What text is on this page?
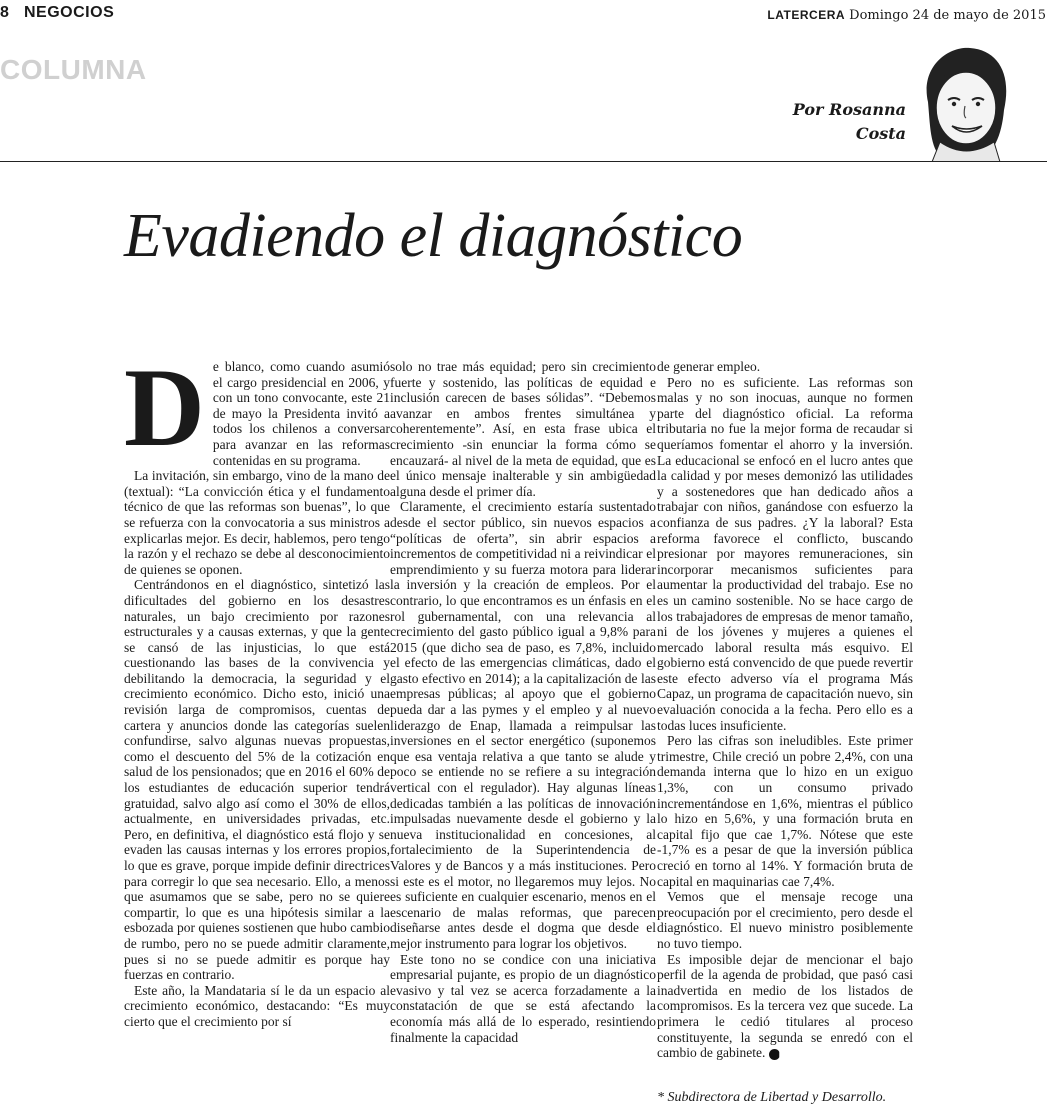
8 NEGOCIOS	LATERCERA Domingo 24 de mayo de 2015
COLUMNA
Por Rosanna
Costa
Evadiendo el diagnóstico
D e blanco, como cuando asumió el cargo presidencial en 2006, y con un tono convocante, este 21 de mayo la Presidenta invitó a todos los chilenos a conversar para avanzar en las reformas contenidas en su programa.

La invitación, sin embargo, vino de la mano de (textual): “La convicción ética y el fundamento técnico de que las reformas son buenas”, lo que se refuerza con la convocatoria a sus ministros a explicarlas mejor. Es decir, hablemos, pero tengo la razón y el rechazo se debe al desconocimiento de quienes se oponen.

Centrándonos en el diagnóstico, sintetizó las dificultades del gobierno en los desastres naturales, un bajo crecimiento por razones estructurales y a causas externas, y que la gente se cansó de las injusticias, lo que está cuestionando las bases de la convivencia y debilitando la democracia, la seguridad y el crecimiento económico. Dicho esto, inició una revisión larga de compromisos, cuentas de cartera y anuncios donde las categorías suelen confundirse, salvo algunas nuevas propuestas, como el descuento del 5% de la cotización en salud de los pensionados; que en 2016 el 60% de los estudiantes de educación superior tendrá gratuidad, salvo algo así como el 30% de ellos, actualmente, en universidades privadas, etc. Pero, en definitiva, el diagnóstico está flojo y se evaden las causas internas y los errores propios, lo que es grave, porque impide definir directrices para corregir lo que sea necesario. Ello, a menos que asumamos que se sabe, pero no se quiere compartir, lo que es una hipótesis similar a la esbozada por quienes sostienen que hubo cambio de rumbo, pero no se puede admitir claramente, pues si no se puede admitir es porque hay fuerzas en contrario.

Este año, la Mandataria sí le da un espacio al crecimiento económico, destacando: “Es muy cierto que el crecimiento por sí

solo no trae más equidad; pero sin crecimiento fuerte y sostenido, las políticas de equidad e inclusión carecen de bases sólidas”. “Debemos avanzar en ambos frentes simultánea y coherentemente”. Así, en esta frase ubica el crecimiento -sin enunciar la forma cómo se encauzará- al nivel de la meta de equidad, que es el único mensaje inalterable y sin ambigüedad alguna desde el primer día.

Claramente, el crecimiento estaría sustentado desde el sector público, sin nuevos espacios a “políticas de oferta”, sin abrir espacios a incrementos de competitividad ni a reivindicar el emprendimiento y su fuerza motora para liderar la inversión y la creación de empleos. Por el contrario, lo que encontramos es un énfasis en el rol gubernamental, con una relevancia al crecimiento del gasto público igual a 9,8% para 2015 (que dicho sea de paso, es 7,8%, incluido el efecto de las emergencias climáticas, dado el gasto efectivo en 2014); a la capitalización de las empresas públicas; al apoyo que el gobierno pueda dar a las pymes y el empleo y al nuevo liderazgo de Enap, llamada a reimpulsar las inversiones en el sector energético (suponemos que esa ventaja relativa a que tanto se alude y poco se entiende no se refiere a su integración vertical con el regulador). Hay algunas líneas dedicadas también a las políticas de innovación impulsadas nuevamente desde el gobierno y la nueva institucionalidad en concesiones, al fortalecimiento de la Superintendencia de Valores y de Bancos y a más instituciones. Pero si este es el motor, no llegaremos muy lejos. No es suficiente en cualquier escenario, menos en el escenario de malas reformas, que parecen diseñarse antes desde el dogma que desde el mejor instrumento para lograr los objetivos.

Este tono no se condice con una iniciativa empresarial pujante, es propio de un diagnóstico evasivo y tal vez se acerca forzadamente a la constatación de que se está afectando la economía más allá de lo esperado, resintiendo finalmente la capacidad

de generar empleo.

Pero no es suficiente. Las reformas son malas y no son inocuas, aunque no formen parte del diagnóstico oficial. La reforma tributaria no fue la mejor forma de recaudar si queríamos fomentar el ahorro y la inversión. La educacional se enfocó en el lucro antes que la calidad y por meses demonizó las utilidades y a sostenedores que han dedicado años a trabajar con niños, ganándose con esfuerzo la confianza de sus padres. ¿Y la laboral? Esta reforma favorece el conflicto, buscando presionar por mayores remuneraciones, sin incorporar mecanismos suficientes para aumentar la productividad del trabajo. Ese no es un camino sostenible. No se hace cargo de los trabajadores de empresas de menor tamaño, ni de los jóvenes y mujeres a quienes el mercado laboral resulta más esquivo. El gobierno está convencido de que puede revertir este efecto adverso vía el programa Más Capaz, un programa de capacitación nuevo, sin evaluación conocida a la fecha. Pero ello es a todas luces insuficiente.

Pero las cifras son ineludibles. Este primer trimestre, Chile creció un pobre 2,4%, con una demanda interna que lo hizo en un exiguo 1,3%, con un consumo privado incrementándose en 1,6%, mientras el público lo hizo en 5,6%, y una formación bruta en capital fijo que cae 1,7%. Nótese que este -1,7% es a pesar de que la inversión pública creció en torno al 14%. Y formación bruta de capital en maquinarias cae 7,4%.

Vemos que el mensaje recoge una preocupación por el crecimiento, pero desde el diagnóstico. El nuevo ministro posiblemente no tuvo tiempo.

Es imposible dejar de mencionar el bajo perfil de la agenda de probidad, que pasó casi inadvertida en medio de los listados de compromisos. Es la tercera vez que sucede. La primera le cedió titulares al proceso constituyente, la segunda se enredó con el cambio de gabinete. N

* Subdirectora de Libertad y Desarrollo.
